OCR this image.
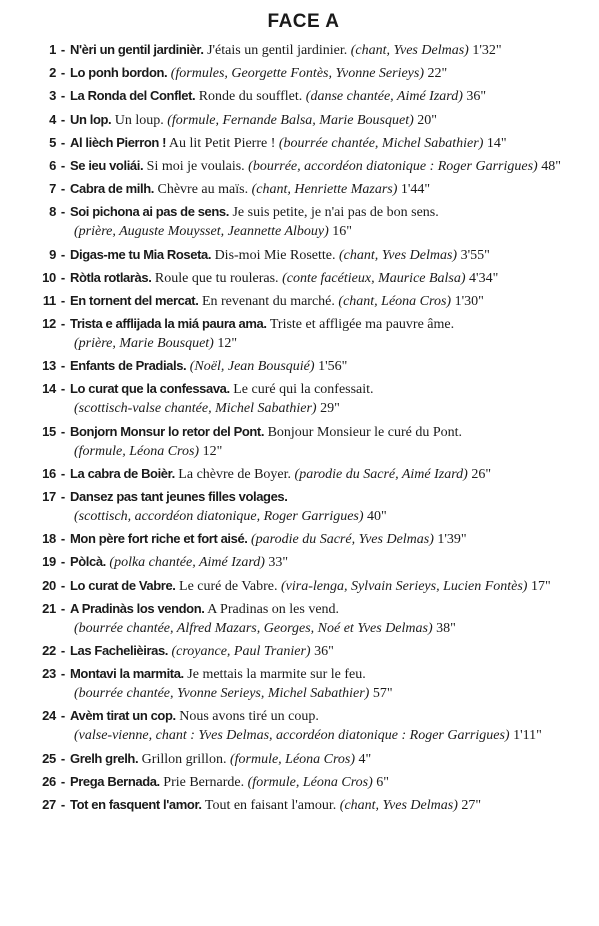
FACE A
1 - N'èri un gentil jardinièr. J'étais un gentil jardinier. (chant, Yves Delmas) 1'32"
2 - Lo ponh bordon. (formules, Georgette Fontès, Yvonne Serieys) 22"
3 - La Ronda del Conflet. Ronde du soufflet. (danse chantée, Aimé Izard) 36"
4 - Un lop. Un loup. (formule, Fernande Balsa, Marie Bousquet) 20"
5 - Al lièch Pierron ! Au lit Petit Pierre ! (bourrée chantée, Michel Sabathier) 14"
6 - Se ieu voliái. Si moi je voulais. (bourrée, accordéon diatonique : Roger Garrigues) 48"
7 - Cabra de milh. Chèvre au maïs. (chant, Henriette Mazars) 1'44"
8 - Soi pichona ai pas de sens. Je suis petite, je n'ai pas de bon sens.
(prière, Auguste Mouysset, Jeannette Albouy) 16"
9 - Digas-me tu Mia Roseta. Dis-moi Mie Rosette. (chant, Yves Delmas) 3'55"
10 - Ròtla rotlaràs. Roule que tu rouleras. (conte facétieux, Maurice Balsa) 4'34"
11 - En tornent del mercat. En revenant du marché. (chant, Léona Cros) 1'30"
12 - Trista e afflijada la miá paura ama. Triste et affligée ma pauvre âme.
(prière, Marie Bousquet) 12"
13 - Enfants de Pradials. (Noël, Jean Bousquié) 1'56"
14 - Lo curat que la confessava. Le curé qui la confessait.
(scottisch-valse chantée, Michel Sabathier) 29"
15 - Bonjorn Monsur lo retor del Pont. Bonjour Monsieur le curé du Pont.
(formule, Léona Cros) 12"
16 - La cabra de Boièr. La chèvre de Boyer. (parodie du Sacré, Aimé Izard) 26"
17 - Dansez pas tant jeunes filles volages.
(scottisch, accordéon diatonique, Roger Garrigues) 40"
18 - Mon père fort riche et fort aisé. (parodie du Sacré, Yves Delmas) 1'39"
19 - Pòlcà. (polka chantée, Aimé Izard) 33"
20 - Lo curat de Vabre. Le curé de Vabre. (vira-lenga, Sylvain Serieys, Lucien Fontès) 17"
21 - A Pradinàs los vendon. A Pradinas on les vend.
(bourrée chantée, Alfred Mazars, Georges, Noé et Yves Delmas) 38"
22 - Las Fachelièiras. (croyance, Paul Tranier) 36"
23 - Montavi la marmita. Je mettais la marmite sur le feu.
(bourrée chantée, Yvonne Serieys, Michel Sabathier) 57"
24 - Avèm tirat un cop. Nous avons tiré un coup.
(valse-vienne, chant : Yves Delmas, accordéon diatonique : Roger Garrigues) 1'11"
25 - Grelh grelh. Grillon grillon. (formule, Léona Cros) 4"
26 - Prega Bernada. Prie Bernarde. (formule, Léona Cros) 6"
27 - Tot en fasquent l'amor. Tout en faisant l'amour. (chant, Yves Delmas) 27"
